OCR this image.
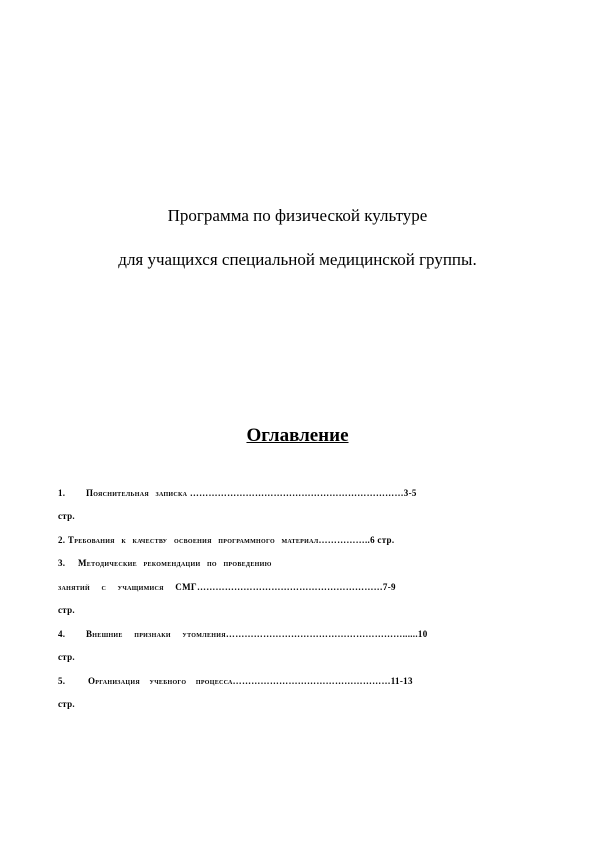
Программа по физической культуре
для учащихся специальной медицинской группы.
Оглавление
1. Пояснительная записка ……………………………………………………………3-5
стр.
2. Требования к качеству освоения программного материал……………..6 стр.
3. Методические рекомендации по проведению
занятий с учащимися СМГ……………………………………………………7-9
стр.
4. Внешние признаки утомления…………………………………………………......10
стр.
5.	Организация учебного процесса……………………………………………11-13
стр.
